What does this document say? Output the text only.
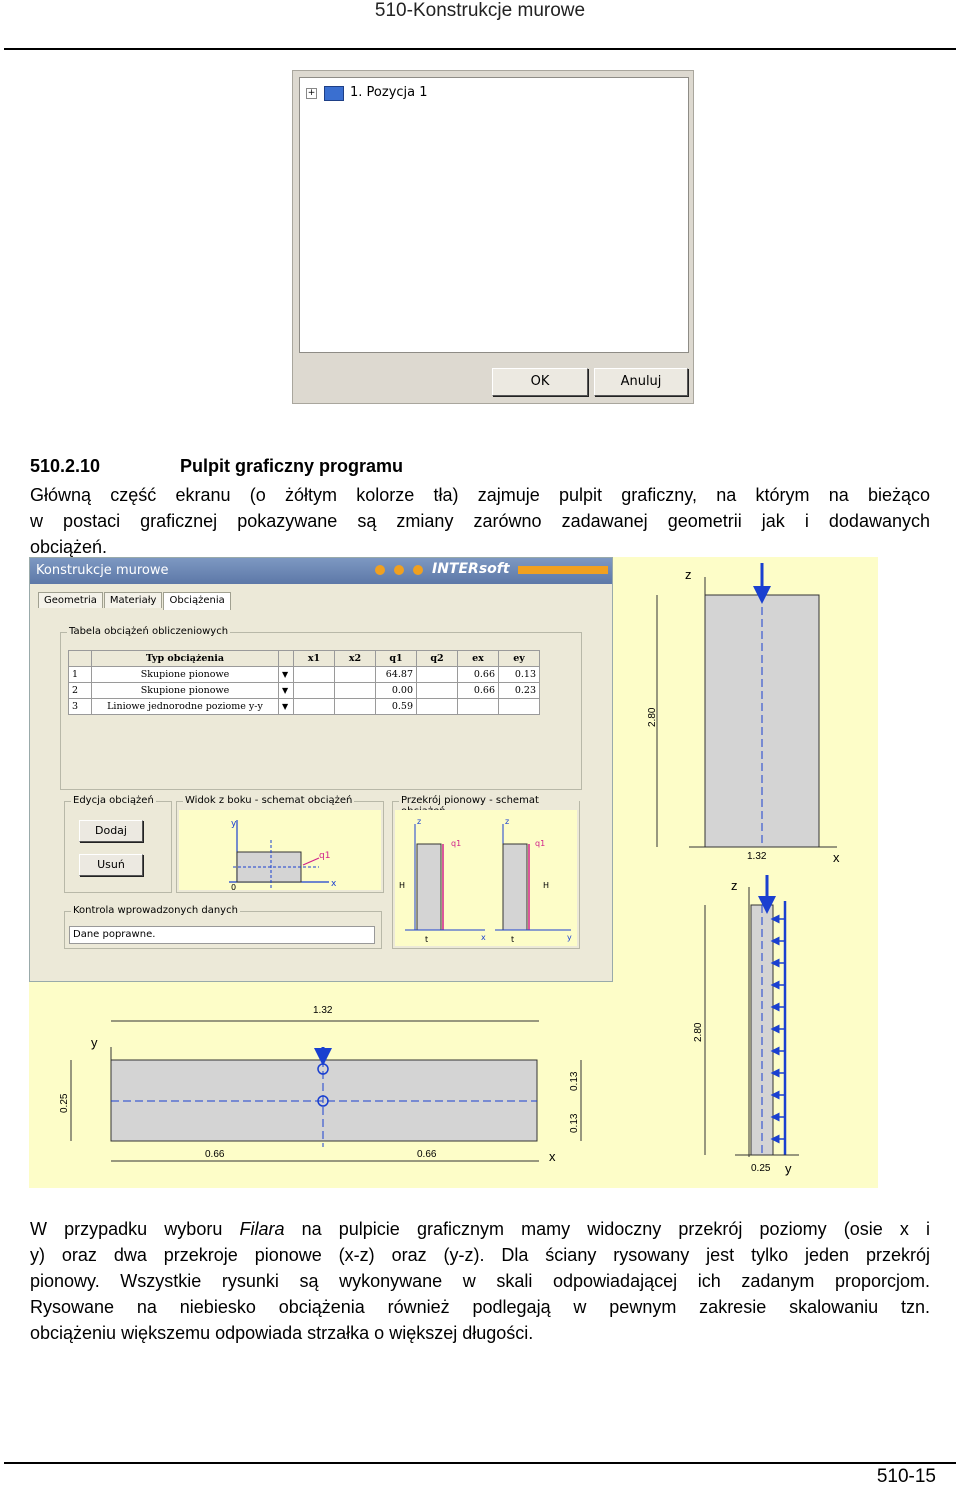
510-Konstrukcje murowe
+	1. Pozycja 1
OK	Anuluj
510.2.10	Pulpit graficzny programu
Główną część ekranu (o żółtym kolorze tła) zajmuje pulpit graficzny, na którym na bieżąco
w postaci graficznej pokazywane są zmiany zarówno zadawanej geometrii jak i dodawanych
obciążeń.
Konstrukcje murowe	INTERsoft
Geometria Materiały Obciążenia
Tabela obciążeń obliczeniowych
	Typ obciążenia		x1	x2	q1	q2	ex	ey
1	Skupione pionowe	▼			64.87		0.66	0.13
2	Skupione pionowe	▼			0.00		0.66	0.23
3	Liniowe jednorodne poziome y-y	▼			0.59			
Edycja obciążeń
Dodaj
Usuń
Widok z boku - schemat obciążeń
y
x
0
q1
Przekrój pionowy - schemat
z	z
q1	q1
H	H
t	t
x	y
Kontrola wprowadzonych danych
Dane poprawne.
z
2.80
1.32	x
z
2.80
0.25 y
1.32
y
0.25
0.13
0.13
0.66	0.66	x
W przypadku wyboru Filara na pulpicie graficznym mamy widoczny przekrój poziomy (osie x i
y) oraz dwa przekroje pionowe (x-z) oraz (y-z). Dla ściany rysowany jest tylko jeden przekrój
pionowy. Wszystkie rysunki są wykonywane w skali odpowiadającej ich zadanym proporcjom.
Rysowane na niebiesko obciążenia również podlegają w pewnym zakresie skalowaniu tzn.
obciążeniu większemu odpowiada strzałka o większej długości.
510-15
